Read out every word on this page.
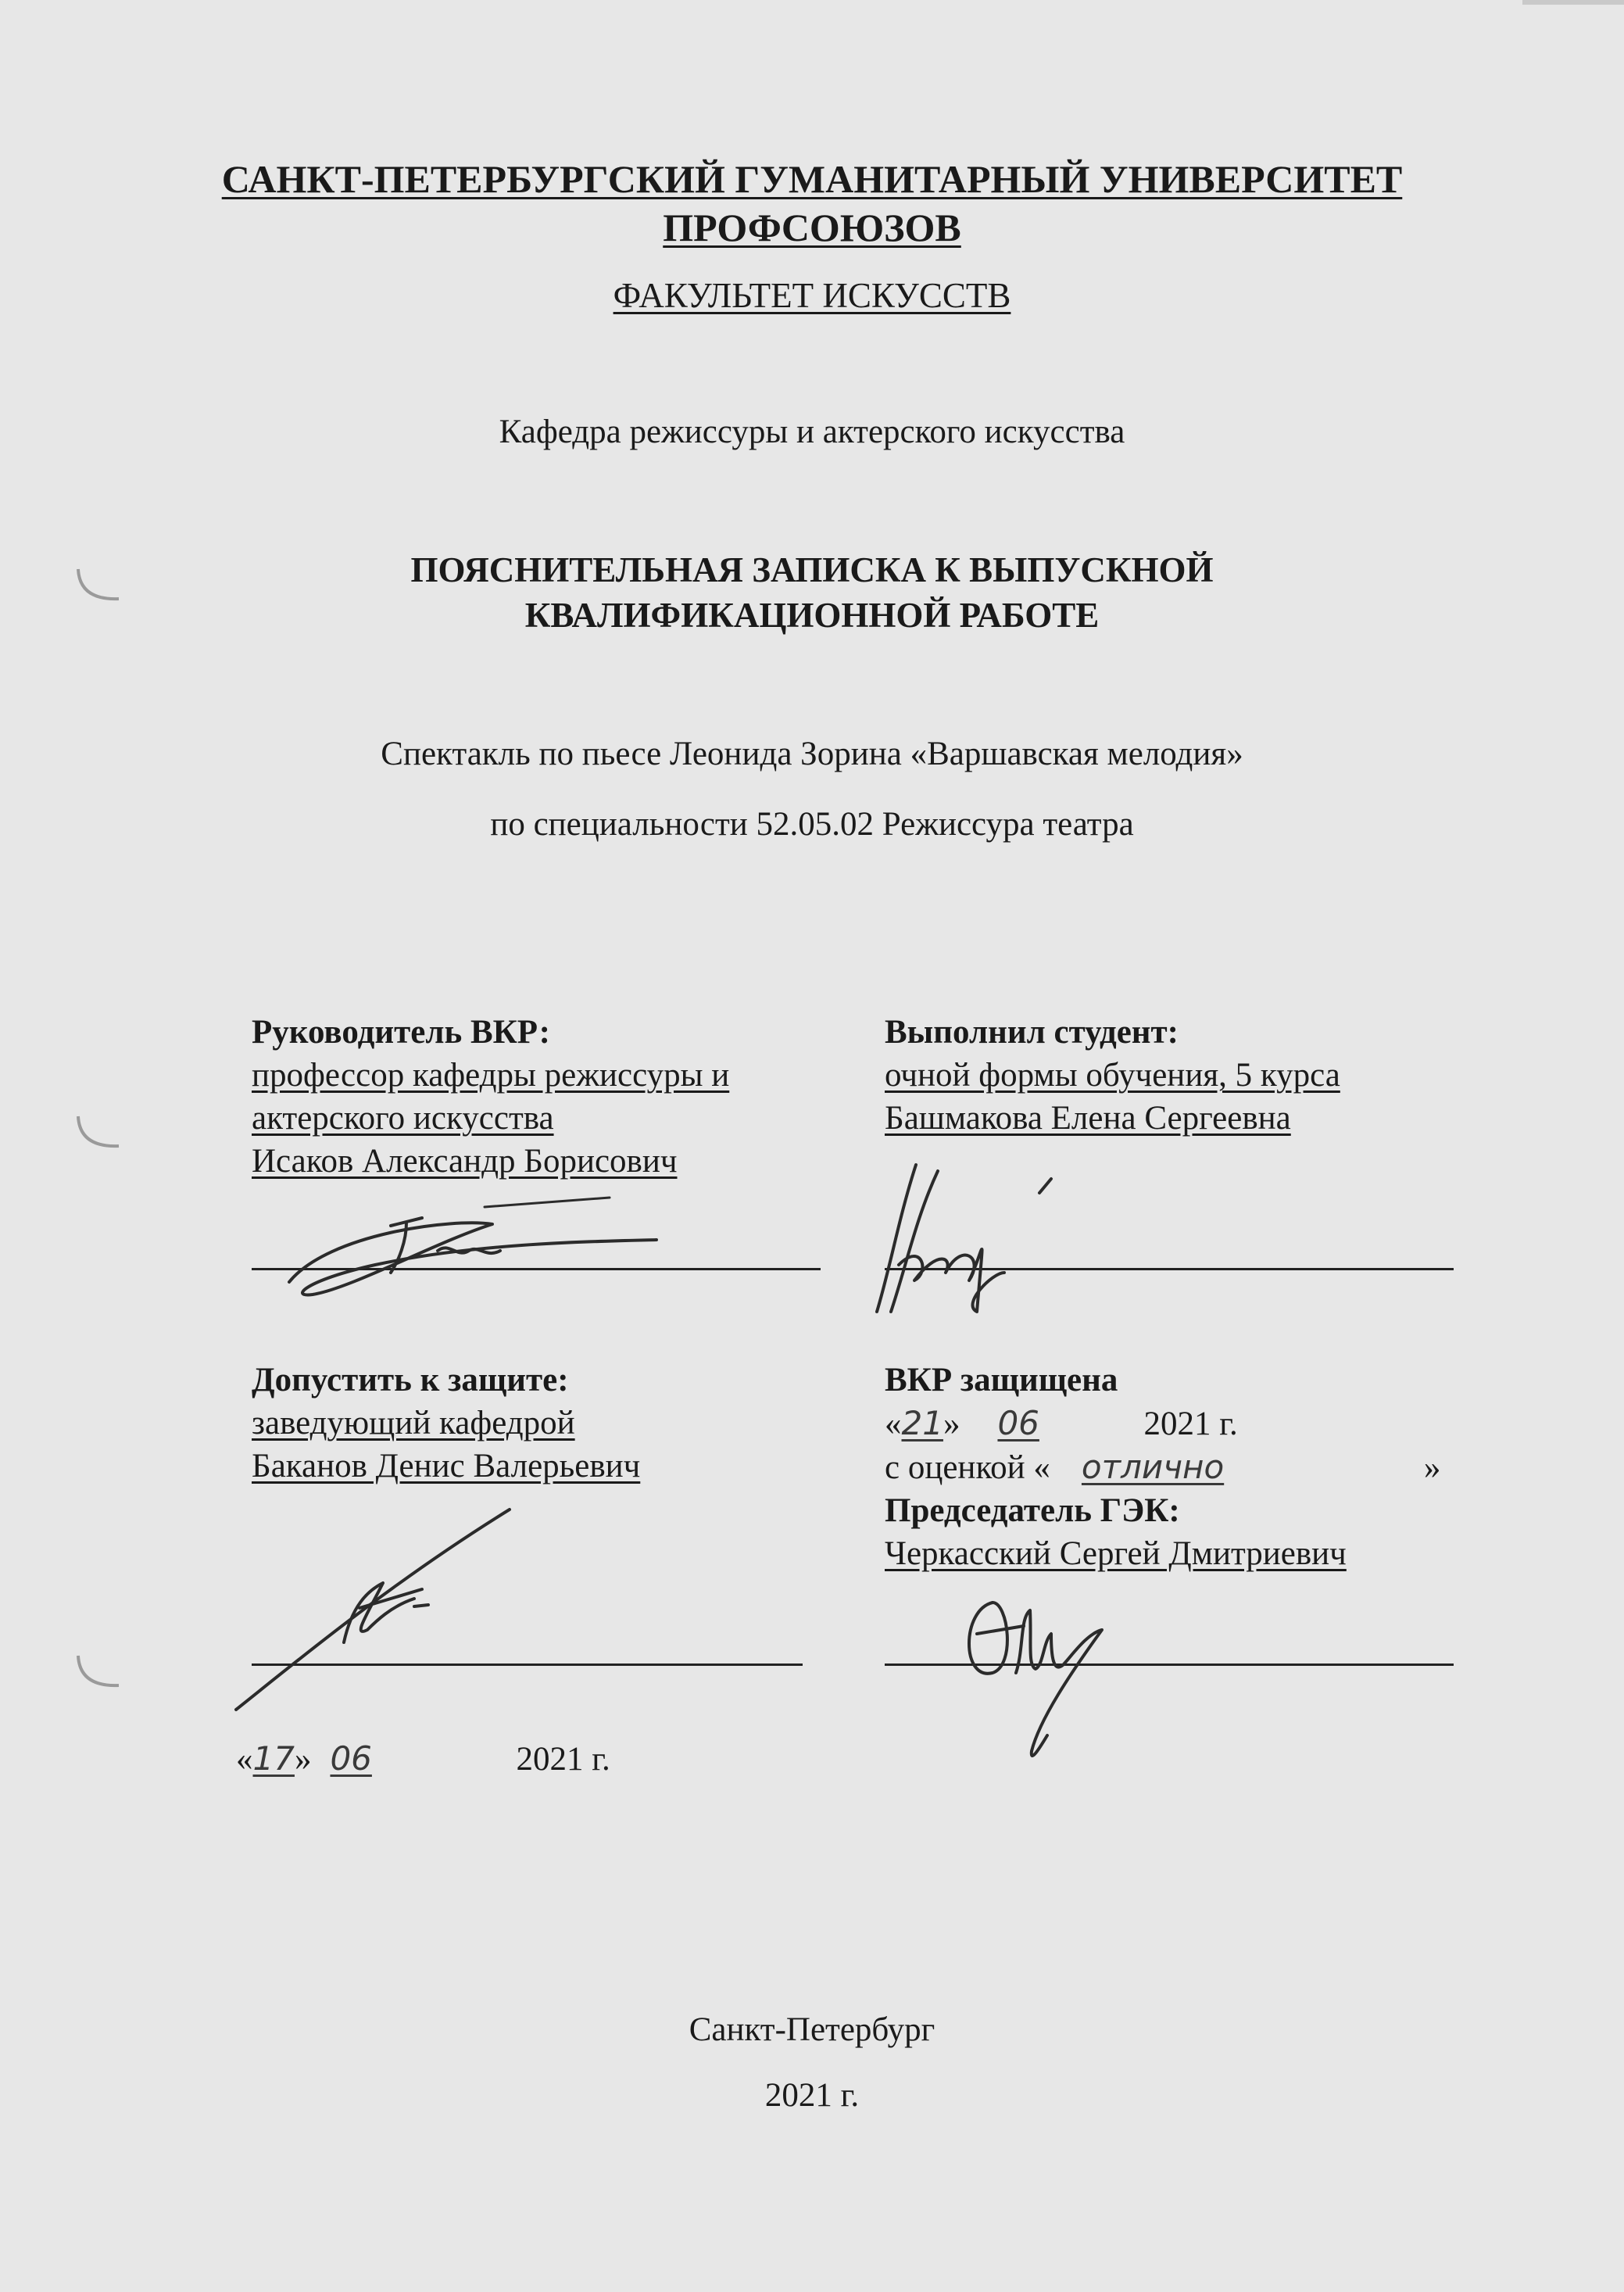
САНКТ-ПЕТЕРБУРГСКИЙ ГУМАНИТАРНЫЙ УНИВЕРСИТЕТ
ПРОФСОЮЗОВ
ФАКУЛЬТЕТ ИСКУССТВ
Кафедра режиссуры и актерского искусства
ПОЯСНИТЕЛЬНАЯ ЗАПИСКА К ВЫПУСКНОЙ
КВАЛИФИКАЦИОННОЙ РАБОТЕ
Спектакль по пьесе Леонида Зорина «Варшавская мелодия»
по специальности 52.05.02 Режиссура театра
Руководитель ВКР:
профессор кафедры режиссуры и
актерского искусства
Исаков Александр Борисович
Выполнил студент:
очной формы обучения, 5 курса
Башмакова Елена Сергеевна
Допустить к защите:
заведующий кафедрой
Баканов Денис Валерьевич
«17» 06	2021 г.
ВКР защищена
«21» 06	2021 г.
с оценкой « отлично	»
Председатель ГЭК:
Черкасский Сергей Дмитриевич
Санкт-Петербург
2021 г.
